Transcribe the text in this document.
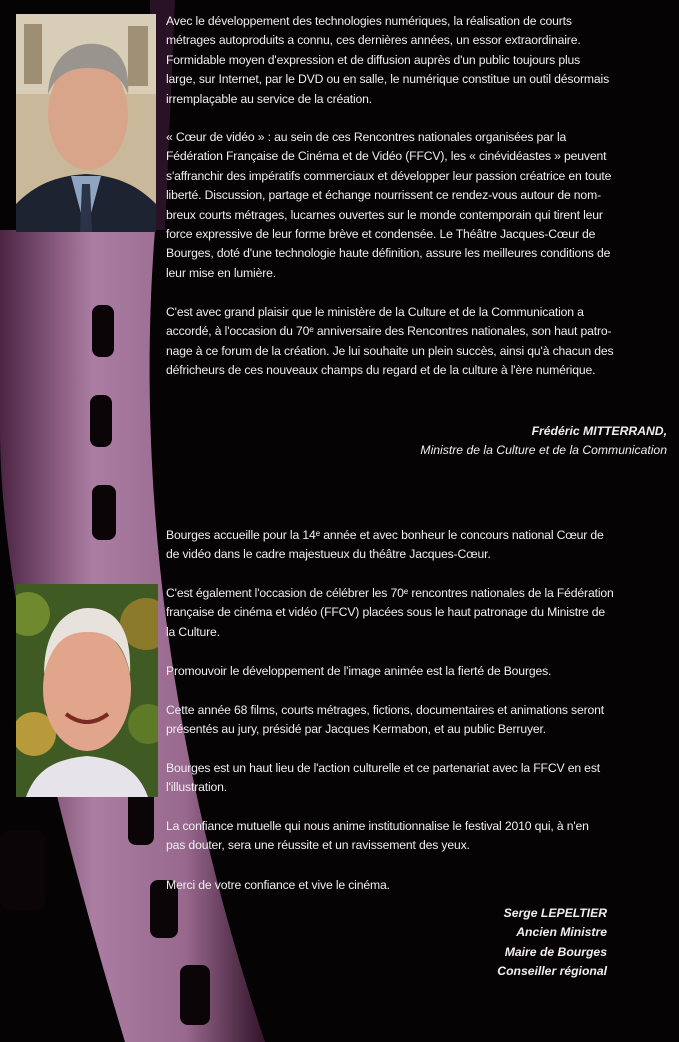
Avec le développement des technologies numériques, la réalisation de courts
métrages autoproduits a connu, ces dernières années, un essor extraordinaire.
Formidable moyen d'expression et de diffusion auprès d'un public toujours plus
large, sur Internet, par le DVD ou en salle, le numérique constitue un outil désormais
irremplaçable au service de la création.
« Cœur de vidéo » : au sein de ces Rencontres nationales organisées par la
Fédération Française de Cinéma et de Vidéo (FFCV), les « cinévidéastes » peuvent
s'affranchir des impératifs commerciaux et développer leur passion créatrice en toute
liberté. Discussion, partage et échange nourrissent ce rendez-vous autour de nom-
breux courts métrages, lucarnes ouvertes sur le monde contemporain qui tirent leur
force expressive de leur forme brève et condensée. Le Théâtre Jacques-Cœur de
Bourges, doté d'une technologie haute définition, assure les meilleures conditions de
leur mise en lumière.
C'est avec grand plaisir que le ministère de la Culture et de la Communication a
accordé, à l'occasion du 70ᵉ anniversaire des Rencontres nationales, son haut patro-
nage à ce forum de la création. Je lui souhaite un plein succès, ainsi qu'à chacun des
défricheurs de ces nouveaux champs du regard et de la culture à l'ère numérique.
Frédéric MITTERRAND,
Ministre de la Culture et de la Communication
Bourges accueille pour la 14ᵉ année et avec bonheur le concours national Cœur de
de vidéo dans le cadre majestueux du théâtre Jacques-Cœur.
C'est également l'occasion de célébrer les 70ᵉ rencontres nationales de la Fédération
française de cinéma et vidéo (FFCV) placées sous le haut patronage du Ministre de
la Culture.
Promouvoir le développement de l'image animée est la fierté de Bourges.
Cette année 68 films, courts métrages, fictions, documentaires et animations seront
présentés au jury, présidé par Jacques Kermabon, et au public Berruyer.
Bourges est un haut lieu de l'action culturelle et ce partenariat avec la FFCV en est
l'illustration.
La confiance mutuelle qui nous anime institutionnalise le festival 2010 qui, à n'en
pas douter, sera une réussite et un ravissement des yeux.
Merci de votre confiance et vive le cinéma.
Serge LEPELTIER
Ancien Ministre
Maire de Bourges
Conseiller régional
